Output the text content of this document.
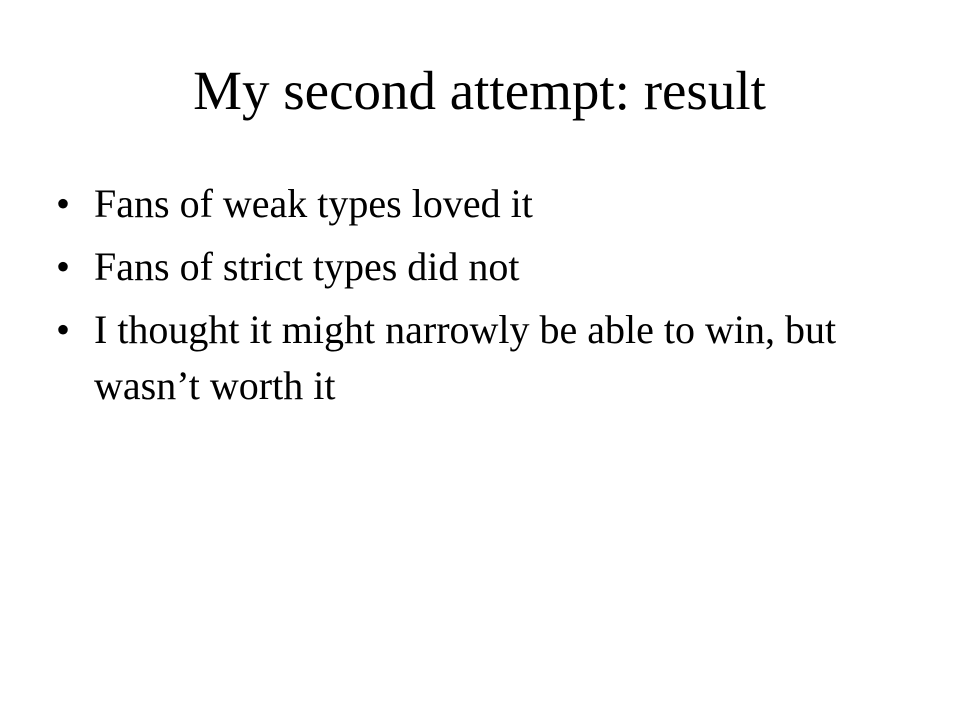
My second attempt: result
• Fans of weak types loved it
• Fans of strict types did not
• I thought it might narrowly be able to win, but wasn’t worth it
